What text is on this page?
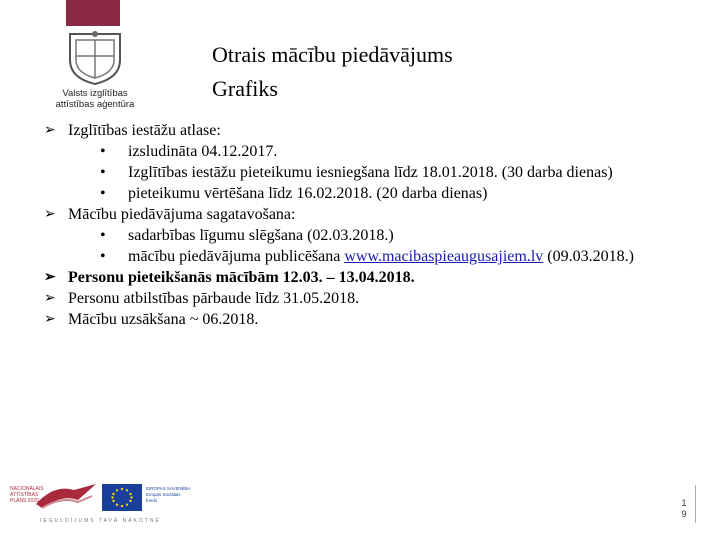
Valsts izglītības
attīstības aģentūra
Otrais mācību piedāvājums
Grafiks
➢ Izglītības iestāžu atlase:
• izsludināta 04.12.2017.
• Izglītības iestāžu pieteikumu iesniegšana līdz 18.01.2018. (30 darba dienas)
• pieteikumu vērtēšana līdz 16.02.2018. (20 darba dienas)
➢ Mācību piedāvājuma sagatavošana:
• sadarbības līgumu slēgšana (02.03.2018.)
• mācību piedāvājuma publicēšana www.macibaspieaugusajiem.lv (09.03.2018.)
➢ Personu pieteikšanās mācībām 12.03. – 13.04.2018.
➢ Personu atbilstības pārbaude līdz 31.05.2018.
➢ Mācību uzsākšana ~ 06.2018.
NACIONĀLAIS
ATTĪSTĪBAS
PLĀNS 2020
EIROPAS SAVIENĪBA
Eiropas Sociālais
fonds
IEGULDĪJUMS TAVĀ NĀKOTNĒ
1
9
